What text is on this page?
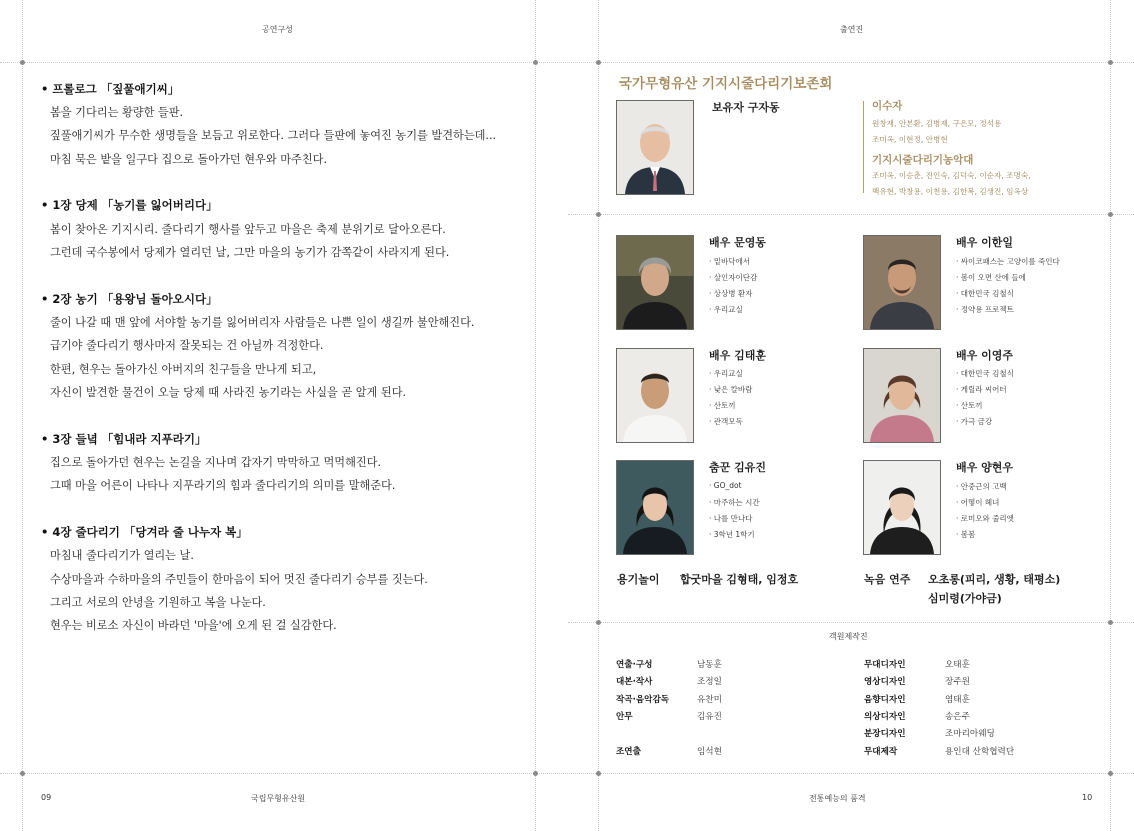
공연구성
• 프롤로그 「짚풀애기씨」
봄을 기다리는 황량한 들판.
짚풀애기씨가 무수한 생명들을 보듬고 위로한다. 그러다 들판에 놓여진 농기를 발견하는데...
마침 묵은 밭을 일구다 집으로 돌아가던 현우와 마주친다.
• 1장 당제 「농기를 잃어버리다」
봄이 찾아온 기지시리. 줄다리기 행사를 앞두고 마을은 축제 분위기로 달아오른다.
그런데 국수봉에서 당제가 열리던 날, 그만 마을의 농기가 감쪽같이 사라지게 된다.
• 2장 농기 「용왕님 돌아오시다」
줄이 나갈 때 맨 앞에 서야할 농기를 잃어버리자 사람들은 나쁜 일이 생길까 불안해진다.
급기야 줄다리기 행사마저 잘못되는 건 아닐까 걱정한다.
한편, 현우는 돌아가신 아버지의 친구들을 만나게 되고,
자신이 발견한 물건이 오늘 당제 때 사라진 농기라는 사실을 곧 알게 된다.
• 3장 들녘 「힘내라 지푸라기」
집으로 돌아가던 현우는 논길을 지나며 갑자기 막막하고 먹먹해진다.
그때 마을 어른이 나타나 지푸라기의 힘과 줄다리기의 의미를 말해준다.
• 4장 줄다리기 「당겨라 줄 나누자 복」
마침내 줄다리기가 열리는 날.
수상마을과 수하마을의 주민들이 한마음이 되어 멋진 줄다리기 승부를 짓는다.
그리고 서로의 안녕을 기원하고 복을 나눈다.
현우는 비로소 자신이 바라던 '마을'에 오게 된 걸 실감한다.
09	국립무형유산원
출연진
국가무형유산 기지시줄다리기보존회
보유자 구자동	이수자
원창재, 안본환, 김병재, 구은모, 정석용
조미옥, 이현정, 안병현
기지시줄다리기농악대
조미옥, 이승춘, 진인숙, 김덕숙, 이순자, 조명숙,
백유현, 박창용, 이천용, 김한복, 김생진, 임옥상
배우 문영동
· 밑바닥에서
· 살인자이단감
· 상상병 환자
· 우리교실
배우 이한일
· 싸이코패스는 고양이를 죽인다
· 봄이 오면 산에 들에
· 대한민국 김철식
· 정약용 프로젝트
배우 김태훈
· 우리교실
· 낮은 칼바람
· 산토끼
· 관객모독
배우 이영주
· 대한민국 김철식
· 게릴라 씨어터
· 산토끼
· 가극 금강
춤꾼 김유진
· GO_dot
· 마주하는 시간
· 나를 만나다
· 3학년 1학기
배우 양현우
· 안중근의 고백
· 어떻이 헤녀
· 로미오와 줄리엣
· 봄봄
용기놀이 합굿마을 김형태, 임정호	녹음 연주 오초롱(피리, 생황, 태평소)
심미령(가야금)
객원제작진
연출·구성	남동훈
대본·작사	조정일
작곡·음악감독	유찬미
안무	김유진
조연출	임석현
무대디자인	오태훈
영상디자인	장주원
음향디자인	염태훈
의상디자인	송은주
분장디자인	조마리아웨딩
무대제작	용인대 산학협력단
전통예능의 품격	10
